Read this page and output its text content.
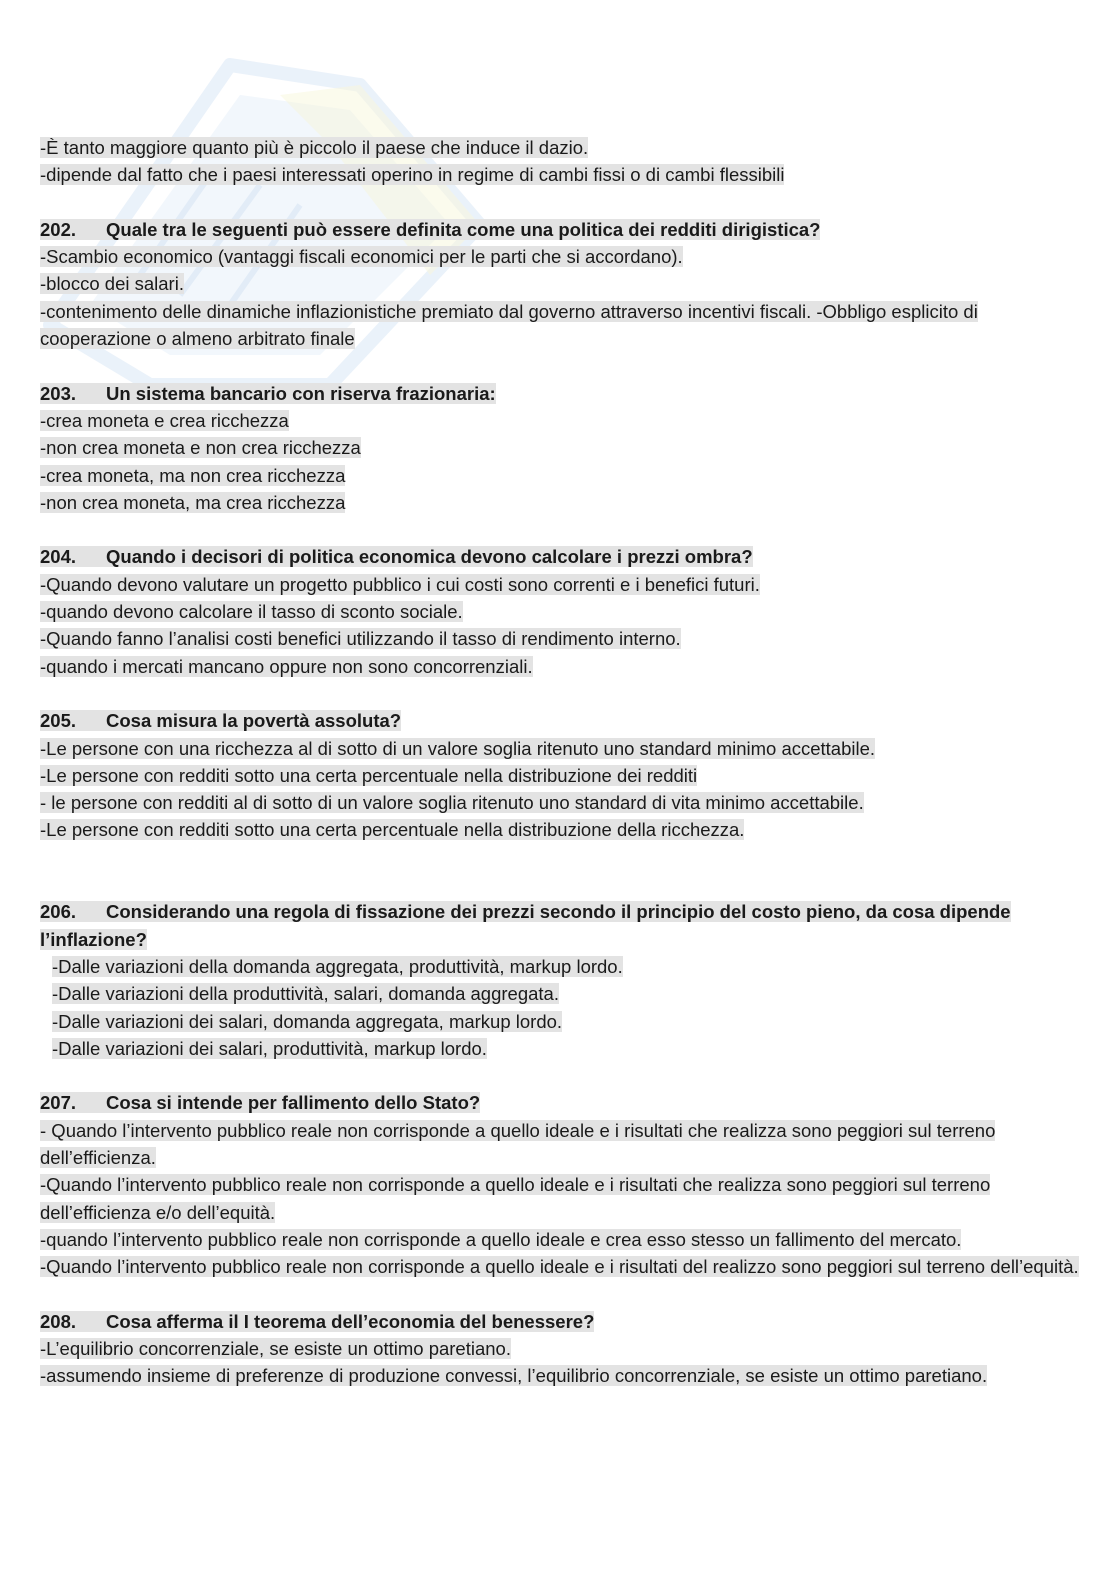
-È tanto maggiore quanto più è piccolo il paese che induce il dazio.
-dipende dal fatto che i paesi interessati operino in regime di cambi fissi o di cambi flessibili
202. Quale tra le seguenti può essere definita come una politica dei redditi dirigistica?
-Scambio economico (vantaggi fiscali economici per le parti che si accordano).
-blocco dei salari.
-contenimento delle dinamiche inflazionistiche premiato dal governo attraverso incentivi fiscali. -Obbligo esplicito di cooperazione o almeno arbitrato finale
203. Un sistema bancario con riserva frazionaria:
-crea moneta e crea ricchezza
-non crea moneta e non crea ricchezza
-crea moneta, ma non crea ricchezza
-non crea moneta, ma crea ricchezza
204. Quando i decisori di politica economica devono calcolare i prezzi ombra?
-Quando devono valutare un progetto pubblico i cui costi sono correnti e i benefici futuri.
-quando devono calcolare il tasso di sconto sociale.
-Quando fanno l’analisi costi benefici utilizzando il tasso di rendimento interno.
-quando i mercati mancano oppure non sono concorrenziali.
205. Cosa misura la povertà assoluta?
-Le persone con una ricchezza al di sotto di un valore soglia ritenuto uno standard minimo accettabile.
-Le persone con redditi sotto una certa percentuale nella distribuzione dei redditi
- le persone con redditi al di sotto di un valore soglia ritenuto uno standard di vita minimo accettabile.
-Le persone con redditi sotto una certa percentuale nella distribuzione della ricchezza.
206. Considerando una regola di fissazione dei prezzi secondo il principio del costo pieno, da cosa dipende l’inflazione?
-Dalle variazioni della domanda aggregata, produttività, markup lordo.
-Dalle variazioni della produttività, salari, domanda aggregata.
-Dalle variazioni dei salari, domanda aggregata, markup lordo.
-Dalle variazioni dei salari, produttività, markup lordo.
207. Cosa si intende per fallimento dello Stato?
- Quando l’intervento pubblico reale non corrisponde a quello ideale e i risultati che realizza sono peggiori sul terreno dell’efficienza.
-Quando l’intervento pubblico reale non corrisponde a quello ideale e i risultati che realizza sono peggiori sul terreno dell’efficienza e/o dell’equità.
-quando l’intervento pubblico reale non corrisponde a quello ideale e crea esso stesso un fallimento del mercato.
-Quando l’intervento pubblico reale non corrisponde a quello ideale e i risultati del realizzo sono peggiori sul terreno dell’equità.
208. Cosa afferma il I teorema dell’economia del benessere?
-L’equilibrio concorrenziale, se esiste un ottimo paretiano.
-assumendo insieme di preferenze di produzione convessi, l’equilibrio concorrenziale, se esiste un ottimo paretiano.
